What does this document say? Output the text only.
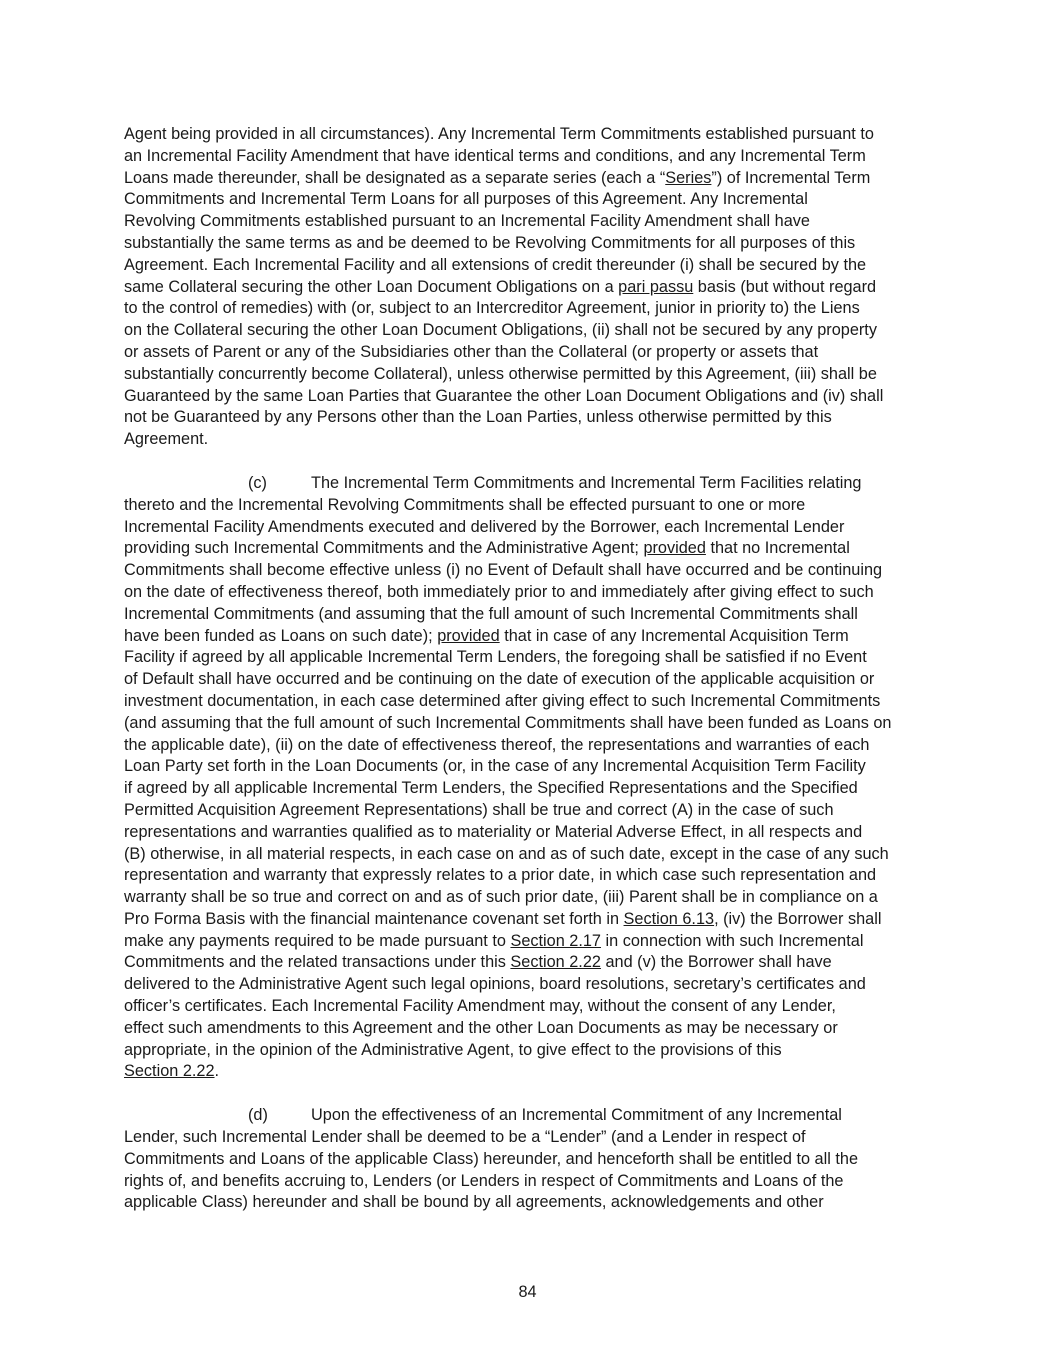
Agent being provided in all circumstances). Any Incremental Term Commitments established pursuant to
an Incremental Facility Amendment that have identical terms and conditions, and any Incremental Term
Loans made thereunder, shall be designated as a separate series (each a “Series”) of Incremental Term
Commitments and Incremental Term Loans for all purposes of this Agreement. Any Incremental
Revolving Commitments established pursuant to an Incremental Facility Amendment shall have
substantially the same terms as and be deemed to be Revolving Commitments for all purposes of this
Agreement. Each Incremental Facility and all extensions of credit thereunder (i) shall be secured by the
same Collateral securing the other Loan Document Obligations on a pari passu basis (but without regard
to the control of remedies) with (or, subject to an Intercreditor Agreement, junior in priority to) the Liens
on the Collateral securing the other Loan Document Obligations, (ii) shall not be secured by any property
or assets of Parent or any of the Subsidiaries other than the Collateral (or property or assets that
substantially concurrently become Collateral), unless otherwise permitted by this Agreement, (iii) shall be
Guaranteed by the same Loan Parties that Guarantee the other Loan Document Obligations and (iv) shall
not be Guaranteed by any Persons other than the Loan Parties, unless otherwise permitted by this
Agreement.
(c)	The Incremental Term Commitments and Incremental Term Facilities relating
thereto and the Incremental Revolving Commitments shall be effected pursuant to one or more
Incremental Facility Amendments executed and delivered by the Borrower, each Incremental Lender
providing such Incremental Commitments and the Administrative Agent; provided that no Incremental
Commitments shall become effective unless (i) no Event of Default shall have occurred and be continuing
on the date of effectiveness thereof, both immediately prior to and immediately after giving effect to such
Incremental Commitments (and assuming that the full amount of such Incremental Commitments shall
have been funded as Loans on such date); provided that in case of any Incremental Acquisition Term
Facility if agreed by all applicable Incremental Term Lenders, the foregoing shall be satisfied if no Event
of Default shall have occurred and be continuing on the date of execution of the applicable acquisition or
investment documentation, in each case determined after giving effect to such Incremental Commitments
(and assuming that the full amount of such Incremental Commitments shall have been funded as Loans on
the applicable date), (ii) on the date of effectiveness thereof, the representations and warranties of each
Loan Party set forth in the Loan Documents (or, in the case of any Incremental Acquisition Term Facility
if agreed by all applicable Incremental Term Lenders, the Specified Representations and the Specified
Permitted Acquisition Agreement Representations) shall be true and correct (A) in the case of such
representations and warranties qualified as to materiality or Material Adverse Effect, in all respects and
(B) otherwise, in all material respects, in each case on and as of such date, except in the case of any such
representation and warranty that expressly relates to a prior date, in which case such representation and
warranty shall be so true and correct on and as of such prior date, (iii) Parent shall be in compliance on a
Pro Forma Basis with the financial maintenance covenant set forth in Section 6.13, (iv) the Borrower shall
make any payments required to be made pursuant to Section 2.17 in connection with such Incremental
Commitments and the related transactions under this Section 2.22 and (v) the Borrower shall have
delivered to the Administrative Agent such legal opinions, board resolutions, secretary’s certificates and
officer’s certificates. Each Incremental Facility Amendment may, without the consent of any Lender,
effect such amendments to this Agreement and the other Loan Documents as may be necessary or
appropriate, in the opinion of the Administrative Agent, to give effect to the provisions of this
Section 2.22.
(d)	Upon the effectiveness of an Incremental Commitment of any Incremental
Lender, such Incremental Lender shall be deemed to be a “Lender” (and a Lender in respect of
Commitments and Loans of the applicable Class) hereunder, and henceforth shall be entitled to all the
rights of, and benefits accruing to, Lenders (or Lenders in respect of Commitments and Loans of the
applicable Class) hereunder and shall be bound by all agreements, acknowledgements and other
84
